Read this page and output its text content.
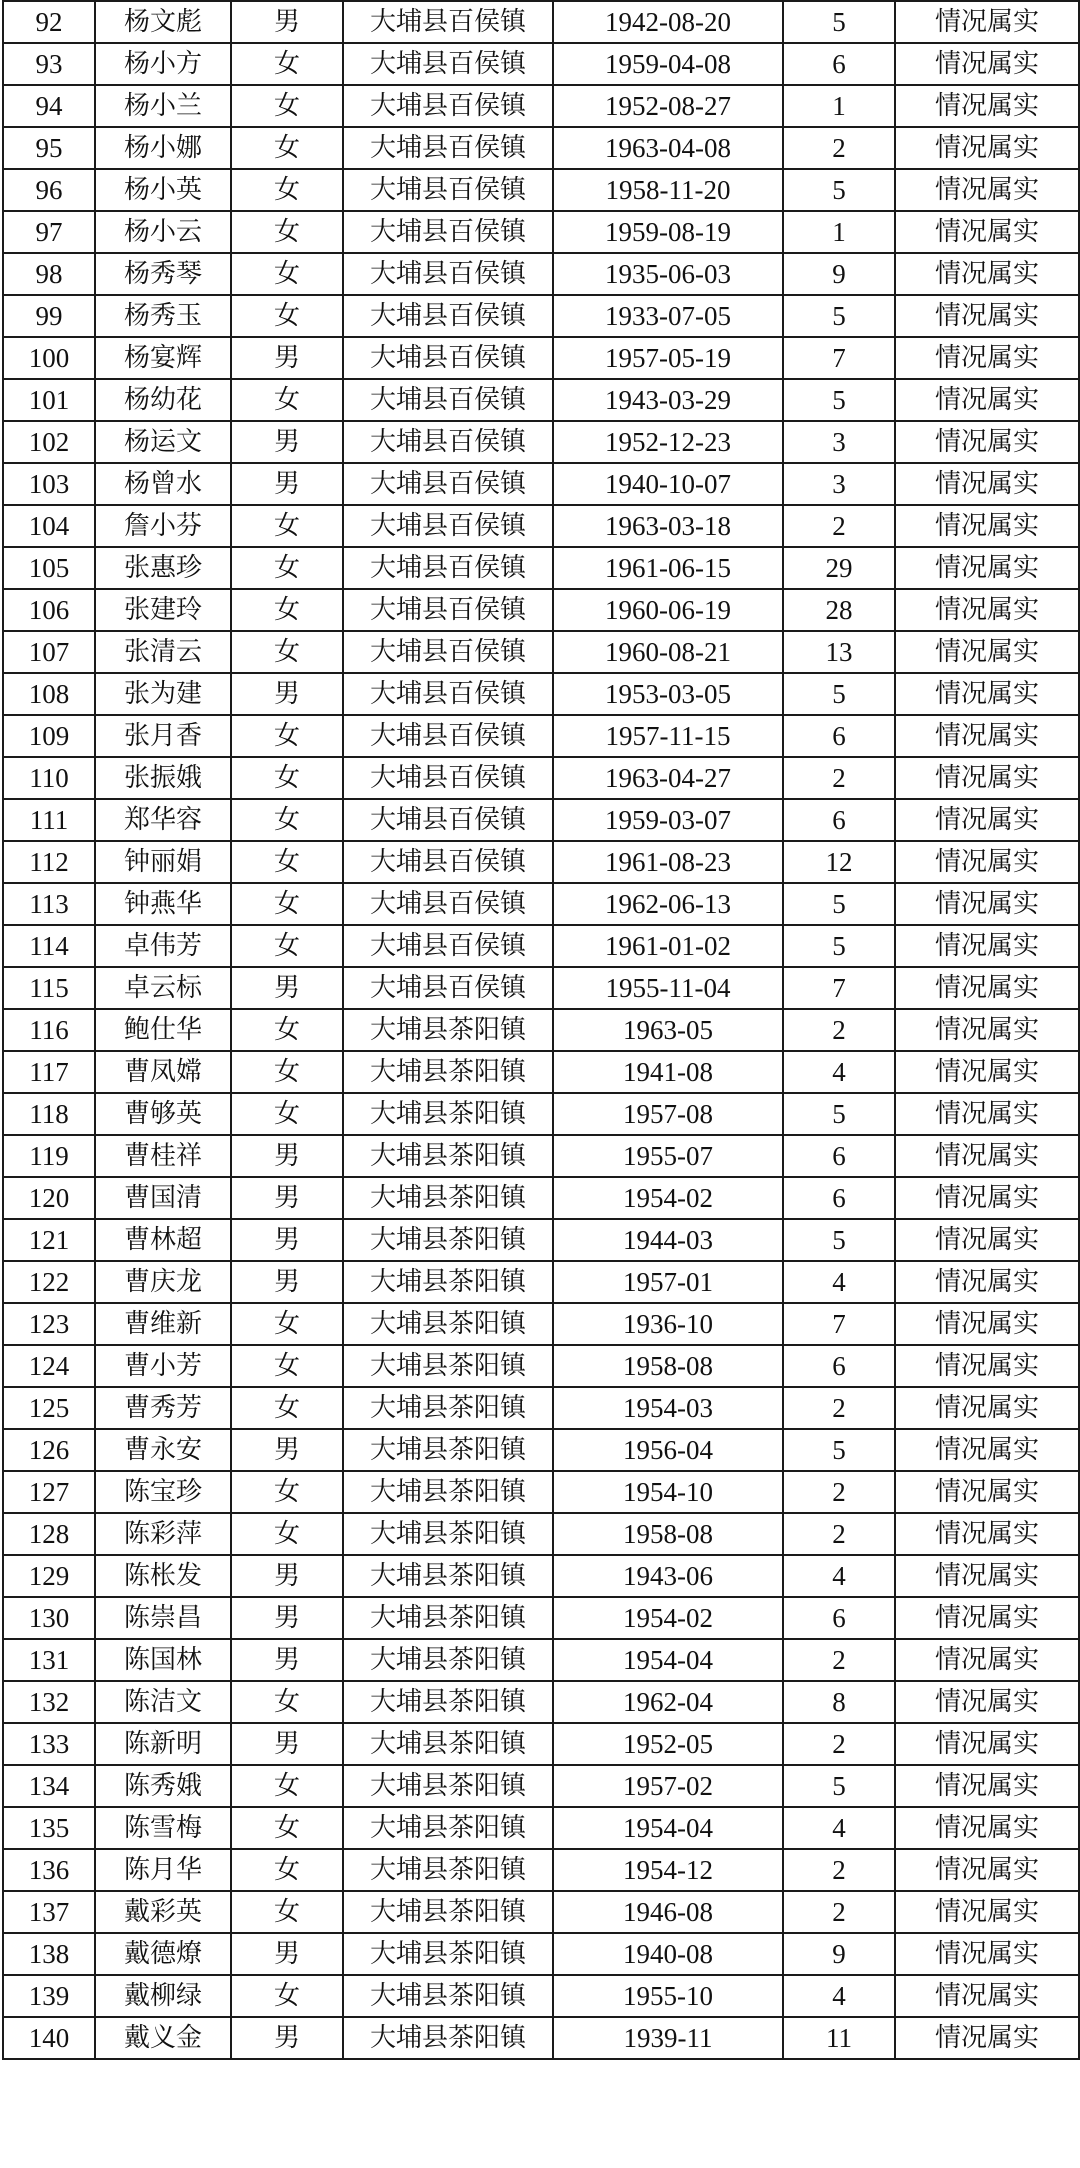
92	杨文彪	男	大埔县百侯镇	1942-08-20	5	情况属实
93	杨小方	女	大埔县百侯镇	1959-04-08	6	情况属实
94	杨小兰	女	大埔县百侯镇	1952-08-27	1	情况属实
95	杨小娜	女	大埔县百侯镇	1963-04-08	2	情况属实
96	杨小英	女	大埔县百侯镇	1958-11-20	5	情况属实
97	杨小云	女	大埔县百侯镇	1959-08-19	1	情况属实
98	杨秀琴	女	大埔县百侯镇	1935-06-03	9	情况属实
99	杨秀玉	女	大埔县百侯镇	1933-07-05	5	情况属实
100	杨宴辉	男	大埔县百侯镇	1957-05-19	7	情况属实
101	杨幼花	女	大埔县百侯镇	1943-03-29	5	情况属实
102	杨运文	男	大埔县百侯镇	1952-12-23	3	情况属实
103	杨曾水	男	大埔县百侯镇	1940-10-07	3	情况属实
104	詹小芬	女	大埔县百侯镇	1963-03-18	2	情况属实
105	张惠珍	女	大埔县百侯镇	1961-06-15	29	情况属实
106	张建玲	女	大埔县百侯镇	1960-06-19	28	情况属实
107	张清云	女	大埔县百侯镇	1960-08-21	13	情况属实
108	张为建	男	大埔县百侯镇	1953-03-05	5	情况属实
109	张月香	女	大埔县百侯镇	1957-11-15	6	情况属实
110	张振娥	女	大埔县百侯镇	1963-04-27	2	情况属实
111	郑华容	女	大埔县百侯镇	1959-03-07	6	情况属实
112	钟丽娟	女	大埔县百侯镇	1961-08-23	12	情况属实
113	钟燕华	女	大埔县百侯镇	1962-06-13	5	情况属实
114	卓伟芳	女	大埔县百侯镇	1961-01-02	5	情况属实
115	卓云标	男	大埔县百侯镇	1955-11-04	7	情况属实
116	鲍仕华	女	大埔县茶阳镇	1963-05	2	情况属实
117	曹凤嫦	女	大埔县茶阳镇	1941-08	4	情况属实
118	曹够英	女	大埔县茶阳镇	1957-08	5	情况属实
119	曹桂祥	男	大埔县茶阳镇	1955-07	6	情况属实
120	曹国清	男	大埔县茶阳镇	1954-02	6	情况属实
121	曹林超	男	大埔县茶阳镇	1944-03	5	情况属实
122	曹庆龙	男	大埔县茶阳镇	1957-01	4	情况属实
123	曹维新	女	大埔县茶阳镇	1936-10	7	情况属实
124	曹小芳	女	大埔县茶阳镇	1958-08	6	情况属实
125	曹秀芳	女	大埔县茶阳镇	1954-03	2	情况属实
126	曹永安	男	大埔县茶阳镇	1956-04	5	情况属实
127	陈宝珍	女	大埔县茶阳镇	1954-10	2	情况属实
128	陈彩萍	女	大埔县茶阳镇	1958-08	2	情况属实
129	陈枨发	男	大埔县茶阳镇	1943-06	4	情况属实
130	陈崇昌	男	大埔县茶阳镇	1954-02	6	情况属实
131	陈国林	男	大埔县茶阳镇	1954-04	2	情况属实
132	陈洁文	女	大埔县茶阳镇	1962-04	8	情况属实
133	陈新明	男	大埔县茶阳镇	1952-05	2	情况属实
134	陈秀娥	女	大埔县茶阳镇	1957-02	5	情况属实
135	陈雪梅	女	大埔县茶阳镇	1954-04	4	情况属实
136	陈月华	女	大埔县茶阳镇	1954-12	2	情况属实
137	戴彩英	女	大埔县茶阳镇	1946-08	2	情况属实
138	戴德燎	男	大埔县茶阳镇	1940-08	9	情况属实
139	戴柳绿	女	大埔县茶阳镇	1955-10	4	情况属实
140	戴义金	男	大埔县茶阳镇	1939-11	11	情况属实
